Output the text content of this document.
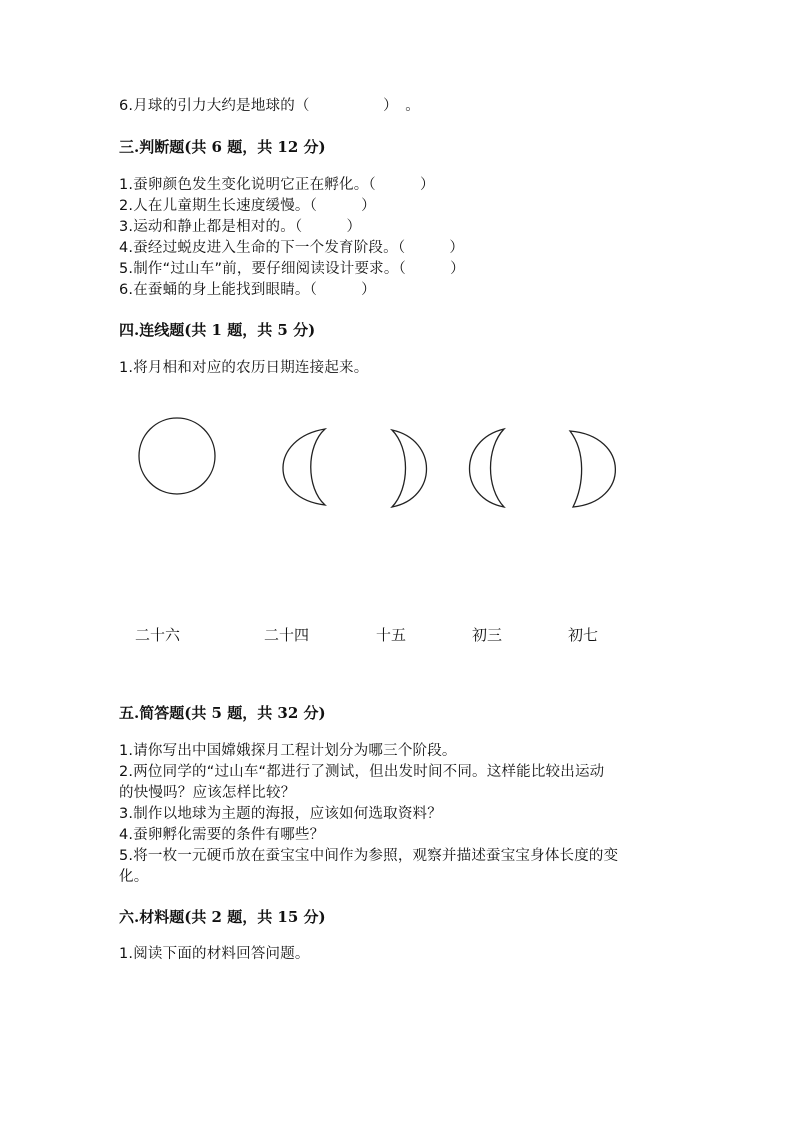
6.月球的引力大约是地球的（　　　　　）　。
三.判断题(共 6 题，共 12 分)
1.蚕卵颜色发生变化说明它正在孵化。（　　　）
2.人在儿童期生长速度缓慢。（　　　）
3.运动和静止都是相对的。（　　　）
4.蚕经过蜕皮进入生命的下一个发育阶段。（　　　）
5.制作“过山车”前，要仔细阅读设计要求。（　　　）
6.在蚕蛹的身上能找到眼睛。（　　　）
四.连线题(共 1 题，共 5 分)
1.将月相和对应的农历日期连接起来。
二十六	二十四	十五	初三	初七
五.简答题(共 5 题，共 32 分)
1.请你写出中国嫦娥探月工程计划分为哪三个阶段。
2.两位同学的“过山车“都进行了测试，但出发时间不同。这样能比较出运动
的快慢吗？应该怎样比较？
3.制作以地球为主题的海报，应该如何选取资料？
4.蚕卵孵化需要的条件有哪些？
5.将一枚一元硬币放在蚕宝宝中间作为参照，观察并描述蚕宝宝身体长度的变
化。
六.材料题(共 2 题，共 15 分)
1.阅读下面的材料回答问题。
